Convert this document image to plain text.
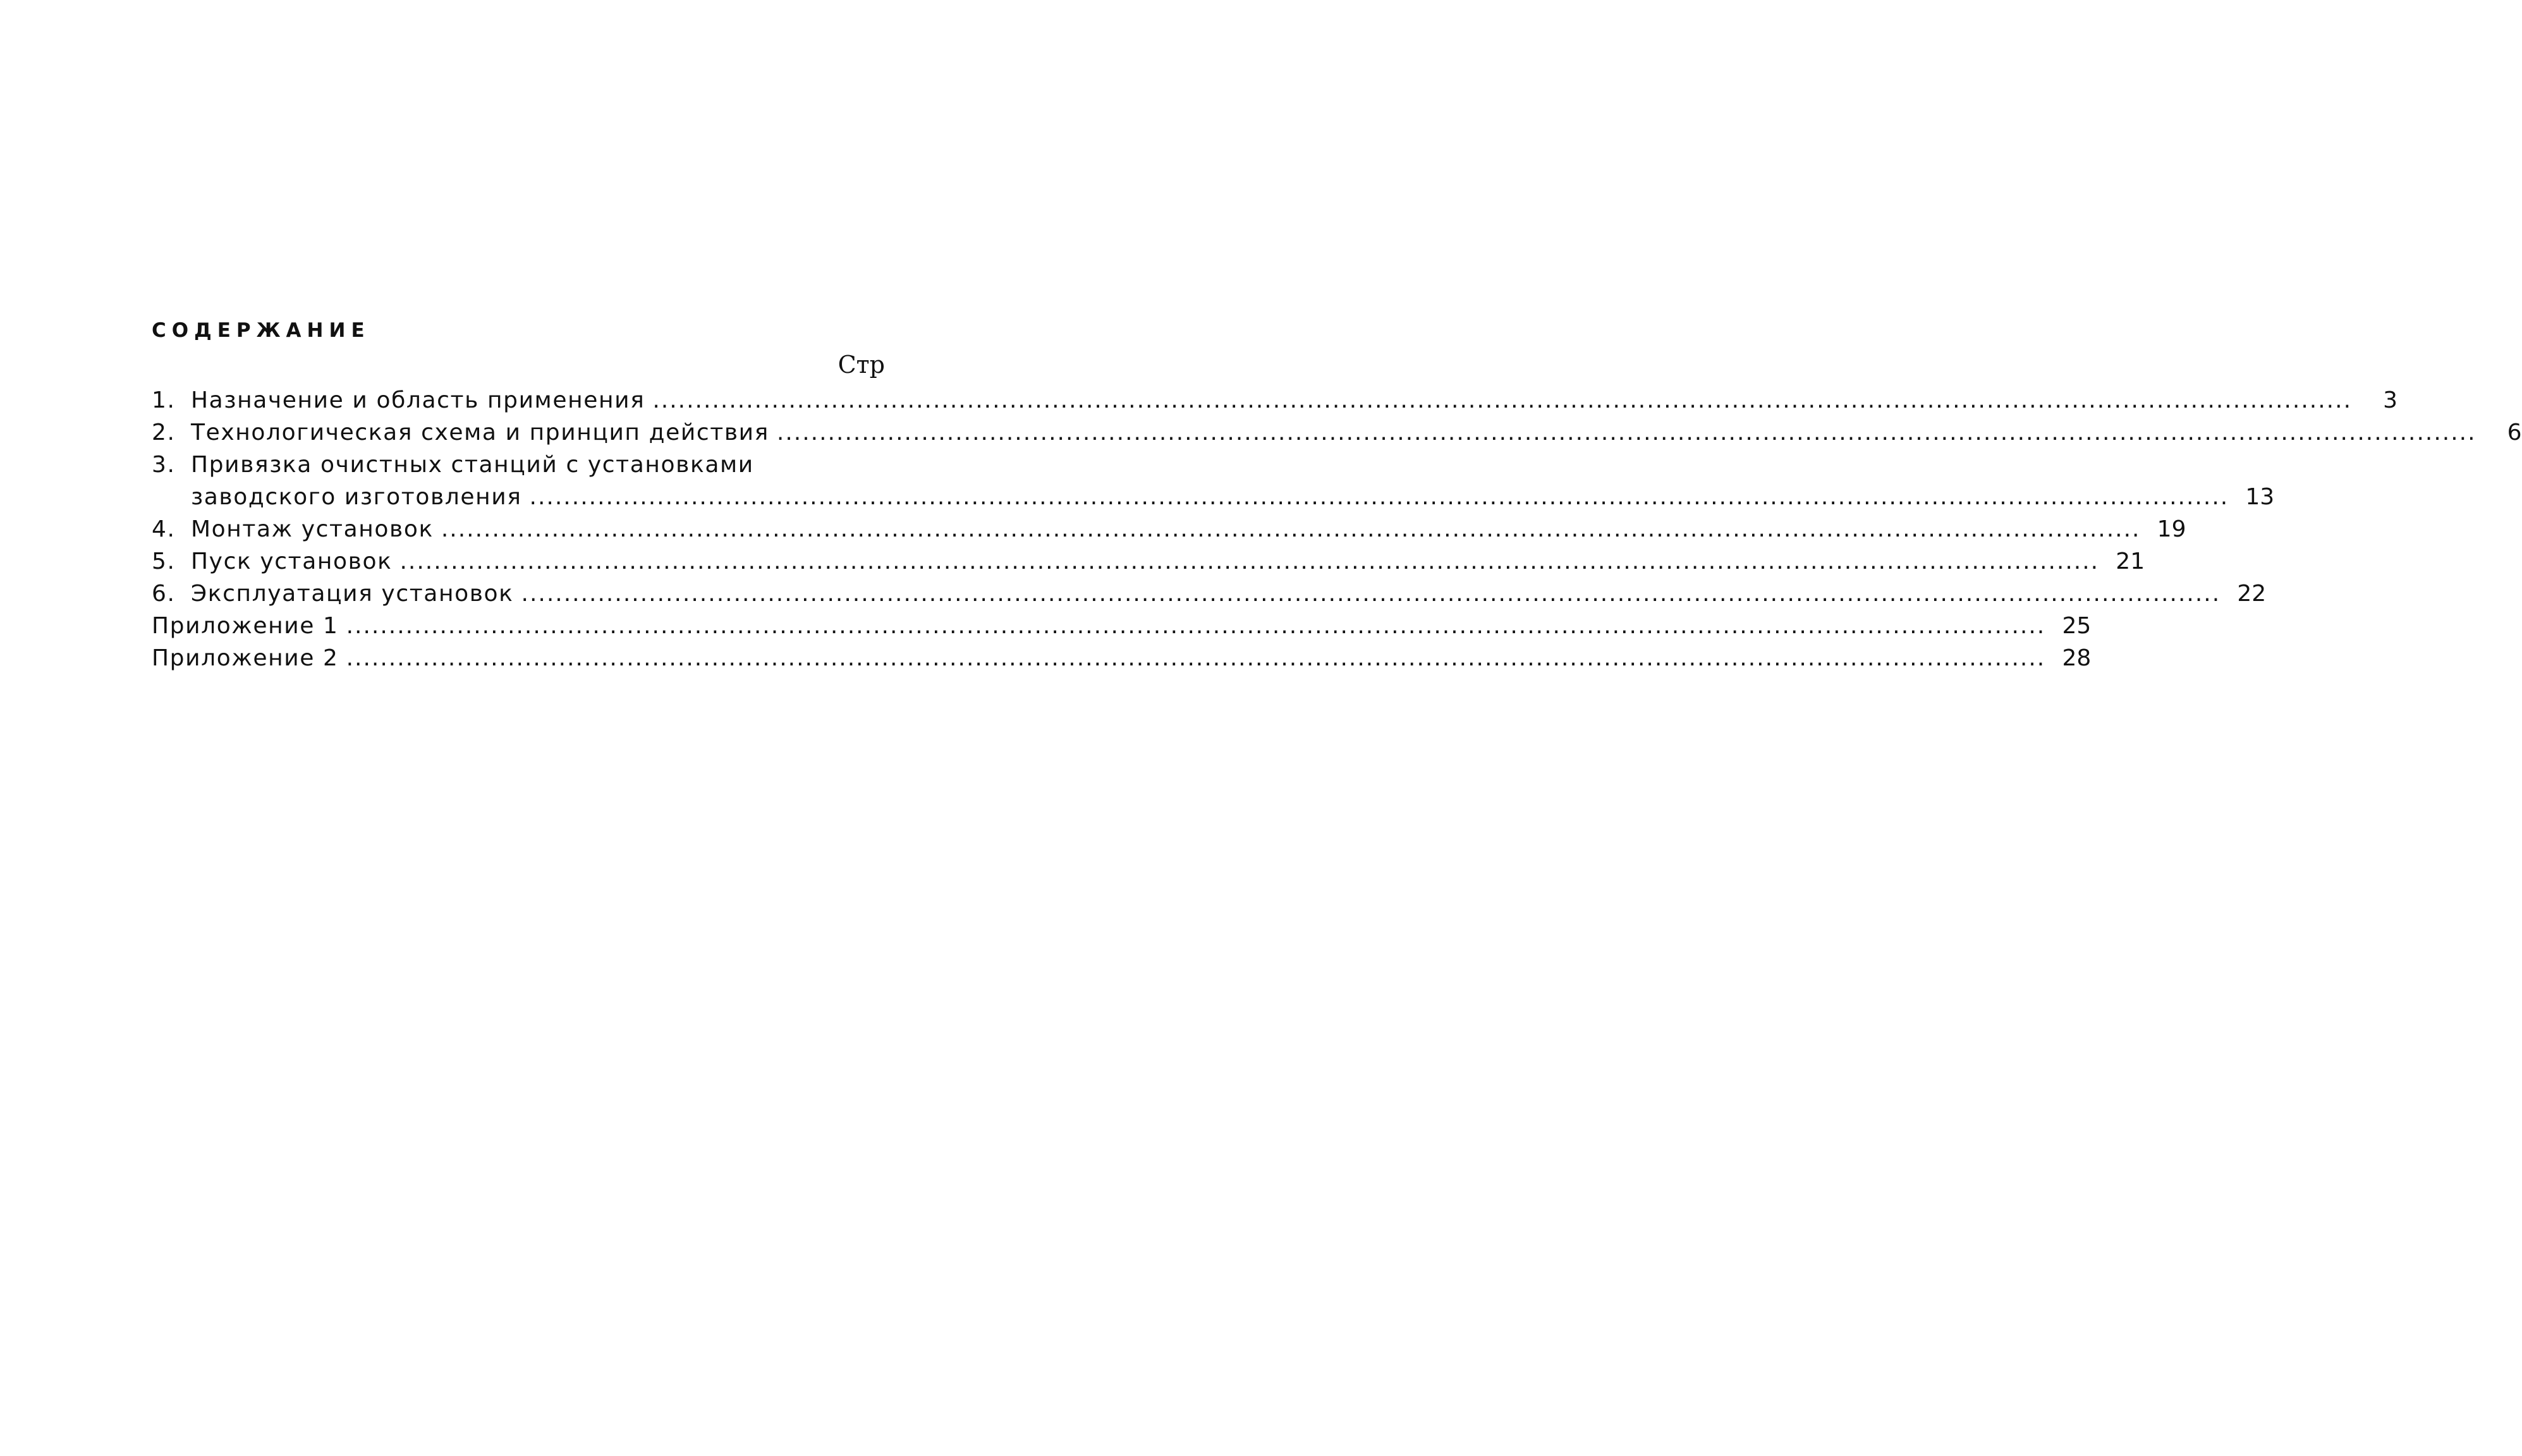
СОДЕРЖАНИЕ
Стр
1. Назначение и область применения ........................................................................................................................................................................................................	3
2. Технологическая схема и принцип действия ........................................................................................................................................................................................................	6
3. Привязка очистных станций с установками
заводского изготовления ........................................................................................................................................................................................................ 13
4. Монтаж установок ........................................................................................................................................................................................................ 19
5. Пуск установок ........................................................................................................................................................................................................ 21
6. Эксплуатация установок ........................................................................................................................................................................................................ 22
Приложение 1 ........................................................................................................................................................................................................ 25
Приложение 2 ........................................................................................................................................................................................................ 28
